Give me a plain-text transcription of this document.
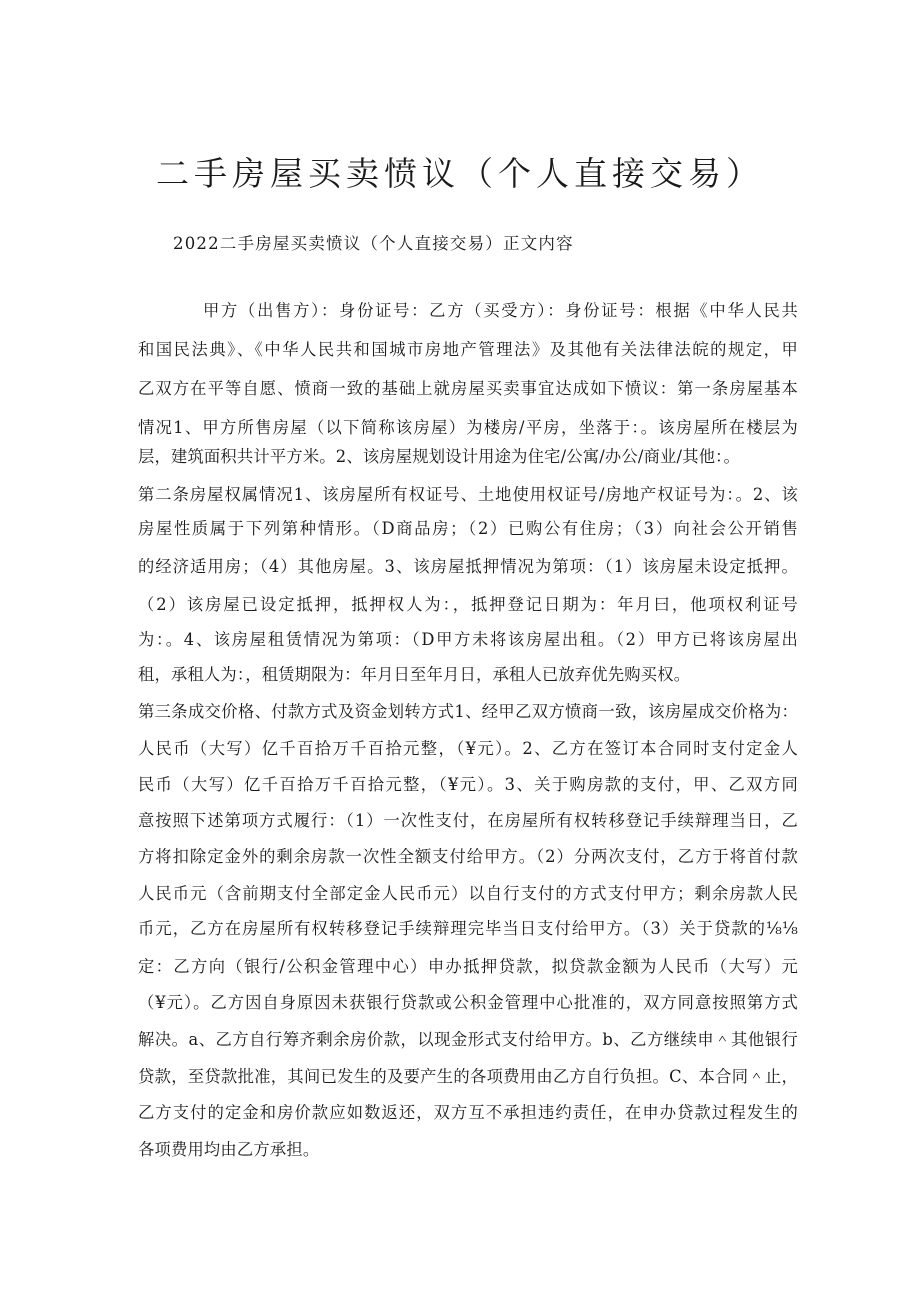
二手房屋买卖愤议（个人直接交易）

2022二手房屋买卖愤议（个人直接交易）正文内容

甲方（出售方）：身份证号：乙方（买受方）：身份证号：根据《中华人民共
和国民法典》、《中华人民共和国城市房地产管理法》及其他有关法律法皖的规定，甲
乙双方在平等自愿、愤商一致的基础上就房屋买卖事宜达成如下愤议：第一条房屋基本
情况1、甲方所售房屋（以下简称该房屋）为楼房/平房，坐落于：。该房屋所在楼层为
层，建筑面积共计平方米。2、该房屋规划设计用途为住宅/公寓/办公/商业/其他：。
第二条房屋权属情况1、该房屋所有权证号、土地使用权证号/房地产权证号为：。2、该
房屋性质属于下列第种情形。（D商品房；（2）已购公有住房；（3）向社会公开销售
的经济适用房；（4）其他房屋。3、该房屋抵押情况为第项：（1）该房屋未设定抵押。
（2）该房屋已设定抵押，抵押权人为：，抵押登记日期为：年月曰，他项权利证号
为：。4、该房屋租赁情况为第项：（D甲方未将该房屋出租。（2）甲方已将该房屋出
租，承租人为：，租赁期限为：年月日至年月日，承租人已放弃优先购买权。
第三条成交价格、付款方式及资金划转方式1、经甲乙双方愤商一致，该房屋成交价格为：
人民币（大写）亿千百拾万千百拾元整，（¥元）。2、乙方在签订本合同时支付定金人
民币（大写）亿千百拾万千百拾元整，（¥元）。3、关于购房款的支付，甲、乙双方同
意按照下述第项方式履行：（1）一次性支付，在房屋所有权转移登记手续辩理当日，乙
方将扣除定金外的剩余房款一次性全额支付给甲方。（2）分两次支付，乙方于将首付款
人民币元（含前期支付全部定金人民币元）以自行支付的方式支付甲方；剩余房款人民
币元，乙方在房屋所有权转移登记手续辩理完毕当日支付给甲方。（3）关于贷款的⅛⅛
定：乙方向（银行/公积金管理中心）申办抵押贷款，拟贷款金额为人民币（大写）元
（¥元）。乙方因自身原因未获银行贷款或公积金管理中心批准的，双方同意按照第方式
解决。a、乙方自行筹齐剩余房价款，以现金形式支付给甲方。b、乙方继续申＾其他银行
贷款，至贷款批准，其间已发生的及要产生的各项费用由乙方自行负担。C、本合同＾止，
乙方支付的定金和房价款应如数返还，双方互不承担违约责任，在申办贷款过程发生的
各项费用均由乙方承担。
